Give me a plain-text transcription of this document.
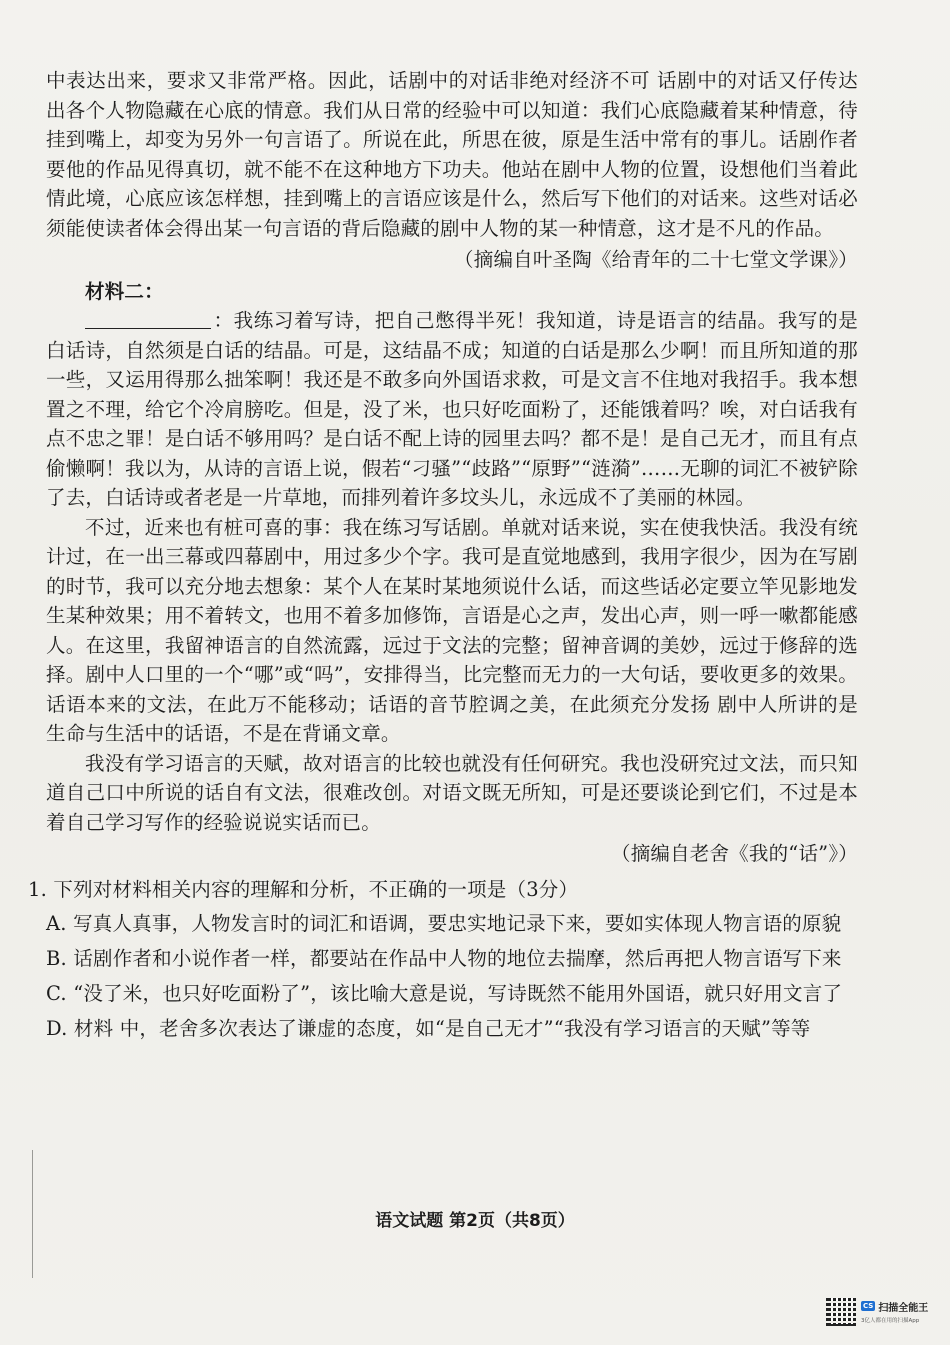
中表达出来，要求又非常严格。因此，话剧中的对话非绝对经济不可 话剧中的对话又仔传达出各个人物隐藏在心底的情意。我们从日常的经验中可以知道：我们心底隐藏着某种情意，待挂到嘴上，却变为另外一句言语了。所说在此，所思在彼，原是生活中常有的事儿。话剧作者要他的作品见得真切，就不能不在这种地方下功夫。他站在剧中人物的位置，设想他们当着此情此境，心底应该怎样想，挂到嘴上的言语应该是什么，然后写下他们的对话来。这些对话必须能使读者体会得出某一句言语的背后隐藏的剧中人物的某一种情意，这才是不凡的作品。

（摘编自叶圣陶《给青年的二十七堂文学课》）

材料二：

：我练习着写诗，把自己憋得半死！我知道，诗是语言的结晶。我写的是白话诗，自然须是白话的结晶。可是，这结晶不成；知道的白话是那么少啊！而且所知道的那一些，又运用得那么拙笨啊！我还是不敢多向外国语求救，可是文言不住地对我招手。我本想置之不理，给它个冷肩膀吃。但是，没了米，也只好吃面粉了，还能饿着吗？唉，对白话我有点不忠之罪！是白话不够用吗？是白话不配上诗的园里去吗？都不是！是自己无才，而且有点偷懒啊！我以为，从诗的言语上说，假若“刁骚”“歧路”“原野”“涟漪”……无聊的词汇不被铲除了去，白话诗或者老是一片草地，而排列着许多坟头儿，永远成不了美丽的林园。

不过，近来也有桩可喜的事：我在练习写话剧。单就对话来说，实在使我快活。我没有统计过，在一出三幕或四幕剧中，用过多少个字。我可是直觉地感到，我用字很少，因为在写剧的时节，我可以充分地去想象：某个人在某时某地须说什么话，而这些话必定要立竿见影地发生某种效果；用不着转文，也用不着多加修饰，言语是心之声，发出心声，则一呼一嗽都能感人。在这里，我留神语言的自然流露，远过于文法的完整；留神音调的美妙，远过于修辞的选择。剧中人口里的一个“哪”或“吗”，安排得当，比完整而无力的一大句话，要收更多的效果。话语本来的文法，在此万不能移动；话语的音节腔调之美，在此须充分发扬 剧中人所讲的是生命与生活中的话语，不是在背诵文章。

我没有学习语言的天赋，故对语言的比较也就没有任何研究。我也没研究过文法，而只知道自己口中所说的话自有文法，很难改创。对语文既无所知，可是还要谈论到它们，不过是本着自己学习写作的经验说说实话而已。

（摘编自老舍《我的“话”》）

1. 下列对材料相关内容的理解和分析，不正确的一项是（3分）

A. 写真人真事，人物发言时的词汇和语调，要忠实地记录下来，要如实体现人物言语的原貌

B. 话剧作者和小说作者一样，都要站在作品中人物的地位去揣摩，然后再把人物言语写下来

C. “没了米，也只好吃面粉了”，该比喻大意是说，写诗既然不能用外国语，就只好用文言了

D. 材料 中，老舍多次表达了谦虚的态度，如“是自己无才”“我没有学习语言的天赋”等等

语文试题 第2页（共8页）
CS 扫描全能王
3亿人都在用的扫描App
